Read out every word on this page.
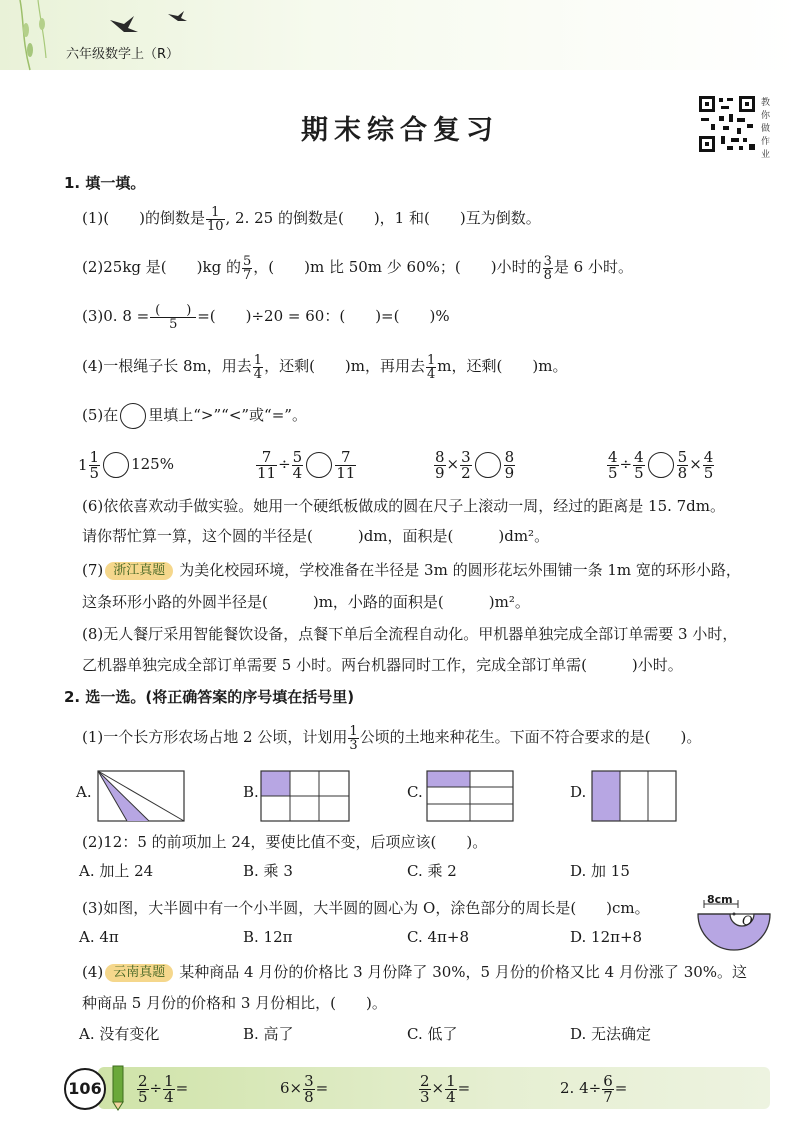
六年级数学上（R）
期末综合复习
教你做作业
1. 填一填。
(1)(　　)的倒数是 $\frac{1}{10}$ , 2. 25 的倒数是(　　)，1 和(　　)互为倒数。
(2)25kg 是(　　)kg 的 $\frac{5}{7}$ ，(　　)m 比 50m 少 60%；(　　)小时的 $\frac{3}{8}$ 是 6 小时。
(3)0. $8 = \frac{( )}{5}$ =(　　)÷20 = 60：(　　)=(　　)%
(4)一根绳子长 8m，用去 $\frac{1}{4}$ ，还剩(　　)m，再用去 $\frac{1}{4}$ m，还剩(　　)m。
(5)在 里填上“>”“<”或“=”。
$1 \frac{1}{5} 125\%$	$\frac{7}{11} \div \frac{5}{4} \frac{7}{11}$	$\frac{8}{9} \times \frac{3}{2} \frac{8}{9}$	$\frac{4}{5} \div \frac{4}{5} \frac{5}{8} \times \frac{4}{5}$
(6)依依喜欢动手做实验。她用一个硬纸板做成的圆在尺子上滚动一周，经过的距离是 15. 7dm。
请你帮忙算一算，这个圆的半径是(　　　)dm，面积是(　　　)dm²。
(7) 浙江真题 为美化校园环境，学校准备在半径是 3m 的圆形花坛外围铺一条 1m 宽的环形小路，
这条环形小路的外圆半径是(　　　)m，小路的面积是(　　　)m²。
(8)无人餐厅采用智能餐饮设备，点餐下单后全流程自动化。甲机器单独完成全部订单需要 3 小时，
乙机器单独完成全部订单需要 5 小时。两台机器同时工作，完成全部订单需(　　　)小时。
2. 选一选。(将正确答案的序号填在括号里)
(1)一个长方形农场占地 2 公顷，计划用 $\frac{1}{3}$ 公顷的土地来种花生。下面不符合要求的是(　　)。
A.	B.	C.	D.
(2)12：5 的前项加上 24，要使比值不变，后项应该(　　)。
A. 加上 24	B. 乘 3	C. 乘 2	D. 加 15
(3)如图，大半圆中有一个小半圆，大半圆的圆心为 O，涂色部分的周长是(　　)cm。
A. 4π	B. 12π	C. 4π+8	D. 12π+8
8cm
O
(4) 云南真题 某种商品 4 月份的价格比 3 月份降了 30%，5 月份的价格又比 4 月份涨了 30%。这
种商品 5 月份的价格和 3 月份相比，(　　)。
A. 没有变化	B. 高了	C. 低了	D. 无法确定
$106 \frac{2}{5} \div \frac{1}{4}$ =	$6\times \frac{3}{8}$ =	$\frac{2}{3} \times \frac{1}{4}$ =	2. $4\div \frac{6}{7}$ =
